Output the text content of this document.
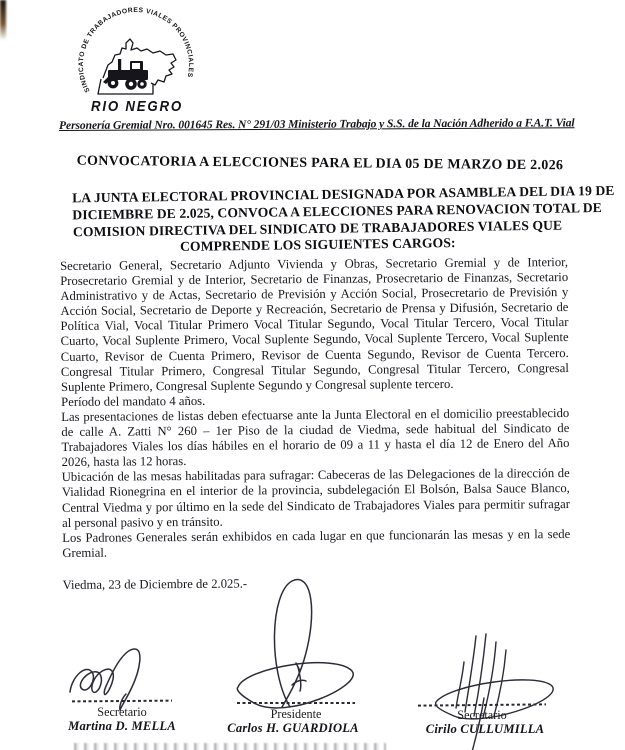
SINDICATO DE TRABAJADORES VIALES PROVINCIALES
RIO NEGRO
Personería Gremial Nro. 001645 Res. N° 291/03 Ministerio Trabajo y S.S. de la Nación Adherido a F.A.T. Vial
CONVOCATORIA A ELECCIONES PARA EL DIA 05 DE MARZO DE 2.026
LA JUNTA ELECTORAL PROVINCIAL DESIGNADA POR ASAMBLEA DEL DIA 19 DE
DICIEMBRE DE 2.025, CONVOCA A ELECCIONES PARA RENOVACION TOTAL DE
COMISION DIRECTIVA DEL SINDICATO DE TRABAJADORES VIALES QUE
COMPRENDE LOS SIGUIENTES CARGOS:

Secretario General, Secretario Adjunto Vivienda y Obras, Secretario Gremial y de Interior, Prosecretario Gremial y de Interior, Secretario de Finanzas, Prosecretario de Finanzas, Secretario Administrativo y de Actas, Secretario de Previsión y Acción Social, Prosecretario de Previsión y Acción Social, Secretario de Deporte y Recreación, Secretario de Prensa y Difusión, Secretario de Política Vial, Vocal Titular Primero Vocal Titular Segundo, Vocal Titular Tercero, Vocal Titular Cuarto, Vocal Suplente Primero, Vocal Suplente Segundo, Vocal Suplente Tercero, Vocal Suplente Cuarto, Revisor de Cuenta Primero, Revisor de Cuenta Segundo, Revisor de Cuenta Tercero. Congresal Titular Primero, Congresal Titular Segundo, Congresal Titular Tercero, Congresal Suplente Primero, Congresal Suplente Segundo y Congresal suplente tercero.

Período del mandato 4 años.

Las presentaciones de listas deben efectuarse ante la Junta Electoral en el domicilio preestablecido de calle A. Zatti N° 260 – 1er Piso de la ciudad de Viedma, sede habitual del Sindicato de Trabajadores Viales los días hábiles en el horario de 09 a 11 y hasta el día 12 de Enero del Año 2026, hasta las 12 horas.

Ubicación de las mesas habilitadas para sufragar: Cabeceras de las Delegaciones de la dirección de Vialidad Rionegrina en el interior de la provincia, subdelegación El Bolsón, Balsa Sauce Blanco, Central Viedma y por último en la sede del Sindicato de Trabajadores Viales para permitir sufragar al personal pasivo y en tránsito.

Los Padrones Generales serán exhibidos en cada lugar en que funcionarán las mesas y en la sede Gremial.

Viedma, 23 de Diciembre de 2.025.-

Secretario
Martina D. MELLA
Presidente
Carlos H. GUARDIOLA
Secretario
Cirilo CULLUMILLA
